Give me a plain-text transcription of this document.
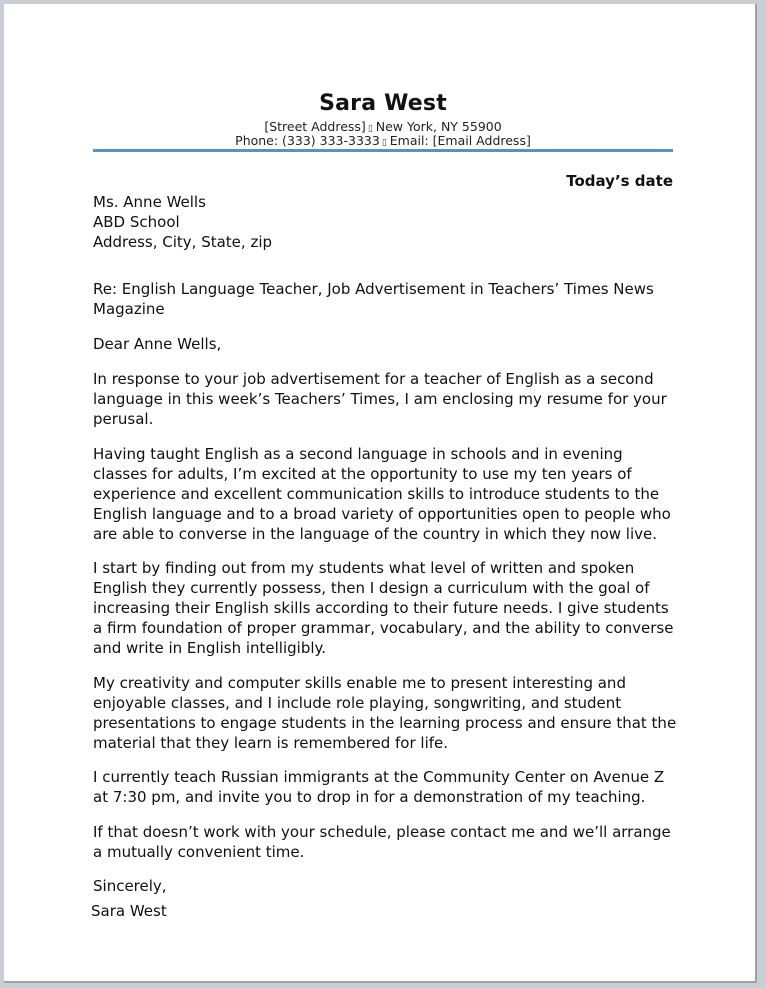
Sara West
[Street Address] ▯ New York, NY 55900
Phone: (333) 333-3333 ▯ Email: [Email Address]
Today’s date
Ms. Anne Wells
ABD School
Address, City, State, zip
Re: English Language Teacher, Job Advertisement in Teachers’ Times News
Magazine
Dear Anne Wells,
In response to your job advertisement for a teacher of English as a second
language in this week’s Teachers’ Times, I am enclosing my resume for your
perusal.
Having taught English as a second language in schools and in evening
classes for adults, I’m excited at the opportunity to use my ten years of
experience and excellent communication skills to introduce students to the
English language and to a broad variety of opportunities open to people who
are able to converse in the language of the country in which they now live.
I start by finding out from my students what level of written and spoken
English they currently possess, then I design a curriculum with the goal of
increasing their English skills according to their future needs. I give students
a firm foundation of proper grammar, vocabulary, and the ability to converse
and write in English intelligibly.
My creativity and computer skills enable me to present interesting and
enjoyable classes, and I include role playing, songwriting, and student
presentations to engage students in the learning process and ensure that the
material that they learn is remembered for life.
I currently teach Russian immigrants at the Community Center on Avenue Z
at 7:30 pm, and invite you to drop in for a demonstration of my teaching.
If that doesn’t work with your schedule, please contact me and we’ll arrange
a mutually convenient time.
Sincerely,
Sara West
